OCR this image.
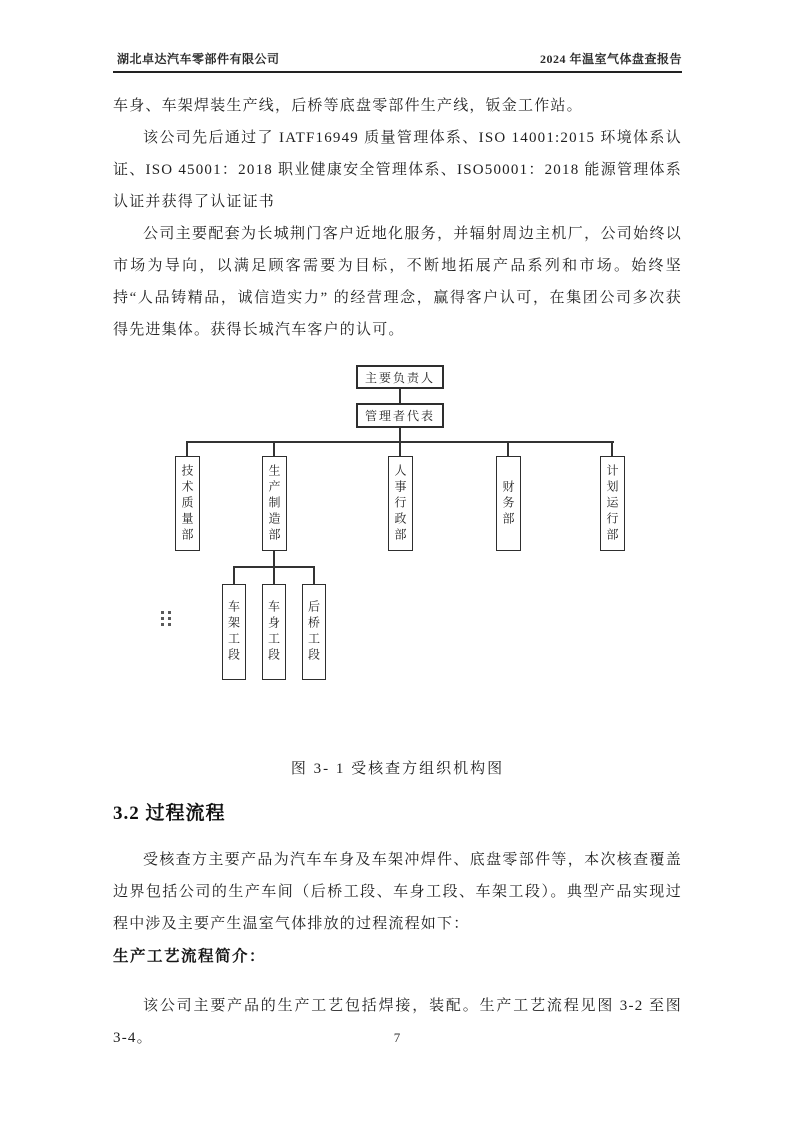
湖北卓达汽车零部件有限公司	2024 年温室气体盘查报告

车身、车架焊装生产线，后桥等底盘零部件生产线，钣金工作站。

该公司先后通过了 IATF16949 质量管理体系、ISO 14001:2015 环境体系认证、ISO 45001：2018 职业健康安全管理体系、ISO50001：2018 能源管理体系认证并获得了认证证书

公司主要配套为长城荆门客户近地化服务，并辐射周边主机厂，公司始终以市场为导向，以满足顾客需要为目标，不断地拓展产品系列和市场。始终坚持“人品铸精品，诚信造实力” 的经营理念，赢得客户认可，在集团公司多次获得先进集体。获得长城汽车客户的认可。

主要负责人
管理者代表
技术质量部	生产制造部	人事行政部	财务部	计划运行部
车架工段 车身工段 后桥工段
图 3- 1 受核查方组织机构图
3.2 过程流程

受核查方主要产品为汽车车身及车架冲焊件、底盘零部件等，本次核查覆盖边界包括公司的生产车间（后桥工段、车身工段、车架工段）。典型产品实现过程中涉及主要产生温室气体排放的过程流程如下：

生产工艺流程简介：

该公司主要产品的生产工艺包括焊接，装配。生产工艺流程见图 3-2 至图 3-4。	7
